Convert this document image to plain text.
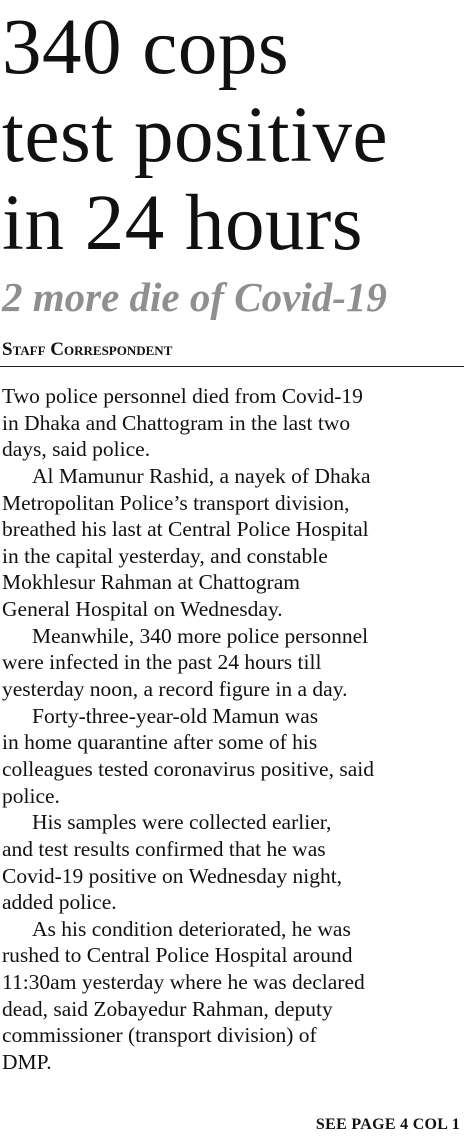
340 cops
test positive
in 24 hours
2 more die of Covid-19

Staff Correspondent

Two police personnel died from Covid-19
in Dhaka and Chattogram in the last two
days, said police.
Al Mamunur Rashid, a nayek of Dhaka
Metropolitan Police’s transport division,
breathed his last at Central Police Hospital
in the capital yesterday, and constable
Mokhlesur Rahman at Chattogram
General Hospital on Wednesday.
Meanwhile, 340 more police personnel
were infected in the past 24 hours till
yesterday noon, a record figure in a day.
Forty-three-year-old Mamun was
in home quarantine after some of his
colleagues tested coronavirus positive, said
police.
His samples were collected earlier,
and test results confirmed that he was
Covid-19 positive on Wednesday night,
added police.
As his condition deteriorated, he was
rushed to Central Police Hospital around
11:30am yesterday where he was declared
dead, said Zobayedur Rahman, deputy
commissioner (transport division) of
DMP.

SEE PAGE 4 COL 1
